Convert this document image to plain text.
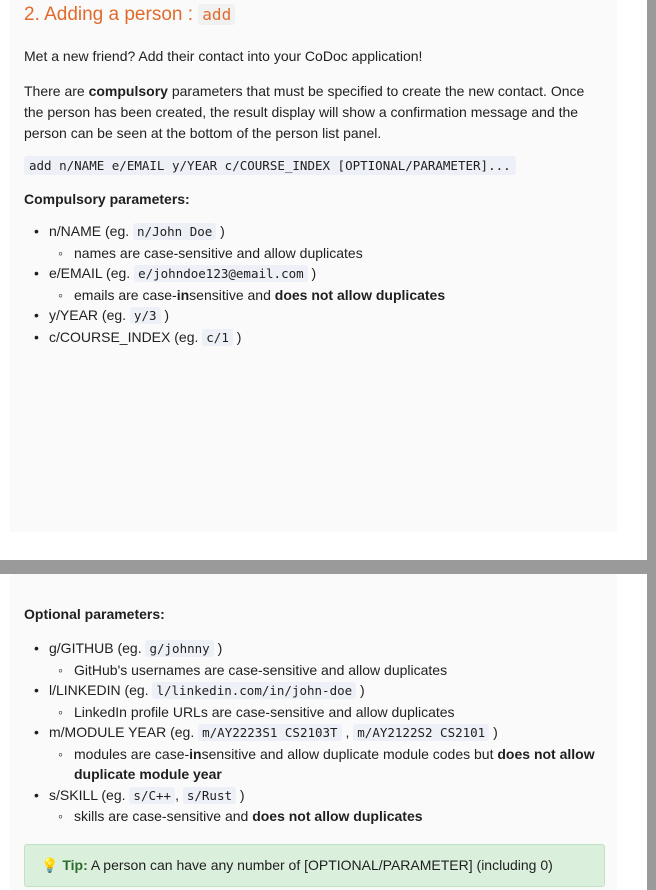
2. Adding a person : add

Met a new friend? Add their contact into your CoDoc application!

There are compulsory parameters that must be specified to create the new contact. Once the person has been created, the result display will show a confirmation message and the person can be seen at the bottom of the person list panel.

add n/NAME e/EMAIL y/YEAR c/COURSE_INDEX [OPTIONAL/PARAMETER]...
Compulsory parameters:
• n/NAME (eg. n/John Doe )
◦ names are case-sensitive and allow duplicates
• e/EMAIL (eg. e/johndoe123@email.com )
◦ emails are case-insensitive and does not allow duplicates
• y/YEAR (eg. y/3 )
• c/COURSE_INDEX (eg. c/1 )
Optional parameters:
• g/GITHUB (eg. g/johnny )
◦ GitHub's usernames are case-sensitive and allow duplicates
• l/LINKEDIN (eg. l/linkedin.com/in/john-doe )
◦ LinkedIn profile URLs are case-sensitive and allow duplicates
• m/MODULE YEAR (eg. m/AY2223S1 CS2103T , m/AY2122S2 CS2101 )
◦ modules are case-insensitive and allow duplicate module codes but does not allow duplicate module year
• s/SKILL (eg. s/C++ , s/Rust )
◦ skills are case-sensitive and does not allow duplicates
💡 Tip: A person can have any number of [OPTIONAL/PARAMETER] (including 0)
